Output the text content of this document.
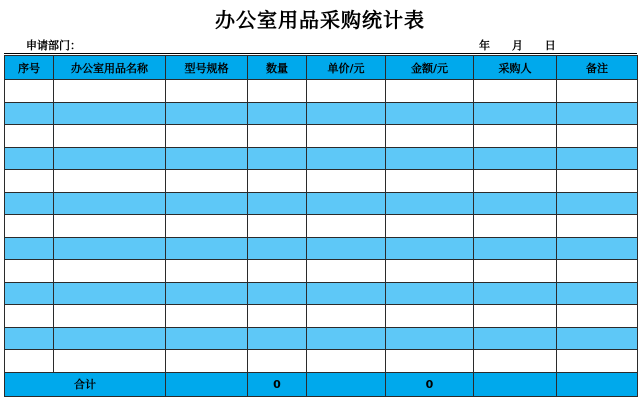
办公室用品采购统计表
申请部门：	年 月 日
序号	办公室用品名称	型号规格	数量	单价/元	金额/元	采购人	备注

合计			0		0		
